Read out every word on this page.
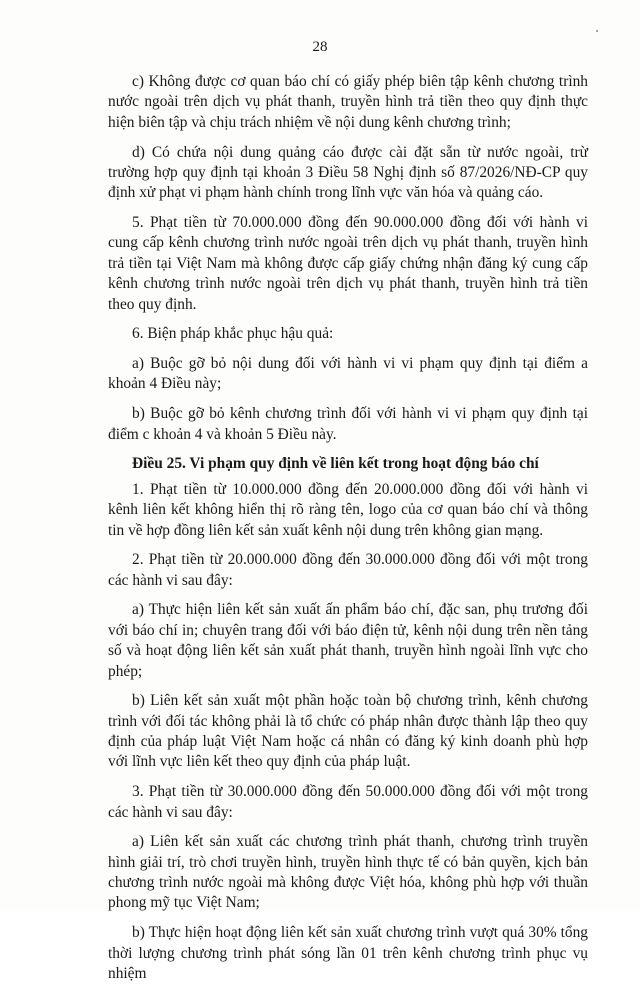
28

c) Không được cơ quan báo chí có giấy phép biên tập kênh chương trình nước ngoài trên dịch vụ phát thanh, truyền hình trả tiền theo quy định thực hiện biên tập và chịu trách nhiệm về nội dung kênh chương trình;

d) Có chứa nội dung quảng cáo được cài đặt sẵn từ nước ngoài, trừ trường hợp quy định tại khoản 3 Điều 58 Nghị định số 87/2026/NĐ-CP quy định xử phạt vi phạm hành chính trong lĩnh vực văn hóa và quảng cáo.

5. Phạt tiền từ 70.000.000 đồng đến 90.000.000 đồng đối với hành vi cung cấp kênh chương trình nước ngoài trên dịch vụ phát thanh, truyền hình trả tiền tại Việt Nam mà không được cấp giấy chứng nhận đăng ký cung cấp kênh chương trình nước ngoài trên dịch vụ phát thanh, truyền hình trả tiền theo quy định.

6. Biện pháp khắc phục hậu quả:

a) Buộc gỡ bỏ nội dung đối với hành vi vi phạm quy định tại điểm a khoản 4 Điều này;

b) Buộc gỡ bỏ kênh chương trình đối với hành vi vi phạm quy định tại điểm c khoản 4 và khoản 5 Điều này.

Điều 25. Vi phạm quy định về liên kết trong hoạt động báo chí

1. Phạt tiền từ 10.000.000 đồng đến 20.000.000 đồng đối với hành vi kênh liên kết không hiển thị rõ ràng tên, logo của cơ quan báo chí và thông tin về hợp đồng liên kết sản xuất kênh nội dung trên không gian mạng.

2. Phạt tiền từ 20.000.000 đồng đến 30.000.000 đồng đối với một trong các hành vi sau đây:

a) Thực hiện liên kết sản xuất ấn phẩm báo chí, đặc san, phụ trương đối với báo chí in; chuyên trang đối với báo điện tử, kênh nội dung trên nền tảng số và hoạt động liên kết sản xuất phát thanh, truyền hình ngoài lĩnh vực cho phép;

b) Liên kết sản xuất một phần hoặc toàn bộ chương trình, kênh chương trình với đối tác không phải là tổ chức có pháp nhân được thành lập theo quy định của pháp luật Việt Nam hoặc cá nhân có đăng ký kinh doanh phù hợp với lĩnh vực liên kết theo quy định của pháp luật.

3. Phạt tiền từ 30.000.000 đồng đến 50.000.000 đồng đối với một trong các hành vi sau đây:

a) Liên kết sản xuất các chương trình phát thanh, chương trình truyền hình giải trí, trò chơi truyền hình, truyền hình thực tế có bản quyền, kịch bản chương trình nước ngoài mà không được Việt hóa, không phù hợp với thuần phong mỹ tục Việt Nam;

b) Thực hiện hoạt động liên kết sản xuất chương trình vượt quá 30% tổng thời lượng chương trình phát sóng lần 01 trên kênh chương trình phục vụ nhiệm
